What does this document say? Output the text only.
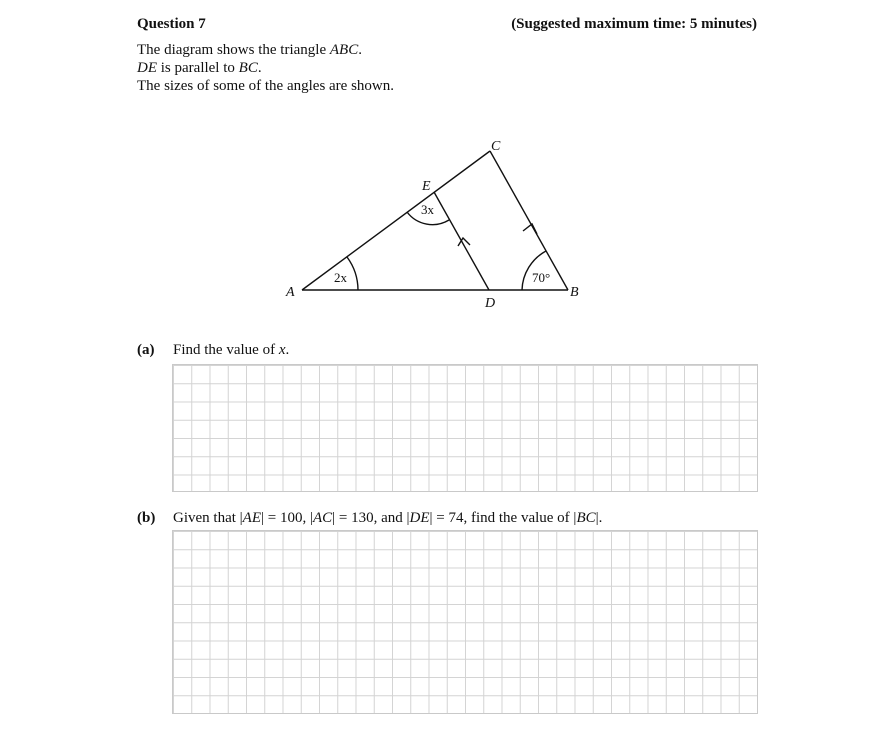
Question 7	(Suggested maximum time: 5 minutes)
The diagram shows the triangle ABC.
DE is parallel to BC.
The sizes of some of the angles are shown.
A	B
C
D
E
2x
3x
70°
(a) Find the value of x.
(b) Given that |AE| = 100, |AC| = 130, and |DE| = 74, find the value of |BC|.
